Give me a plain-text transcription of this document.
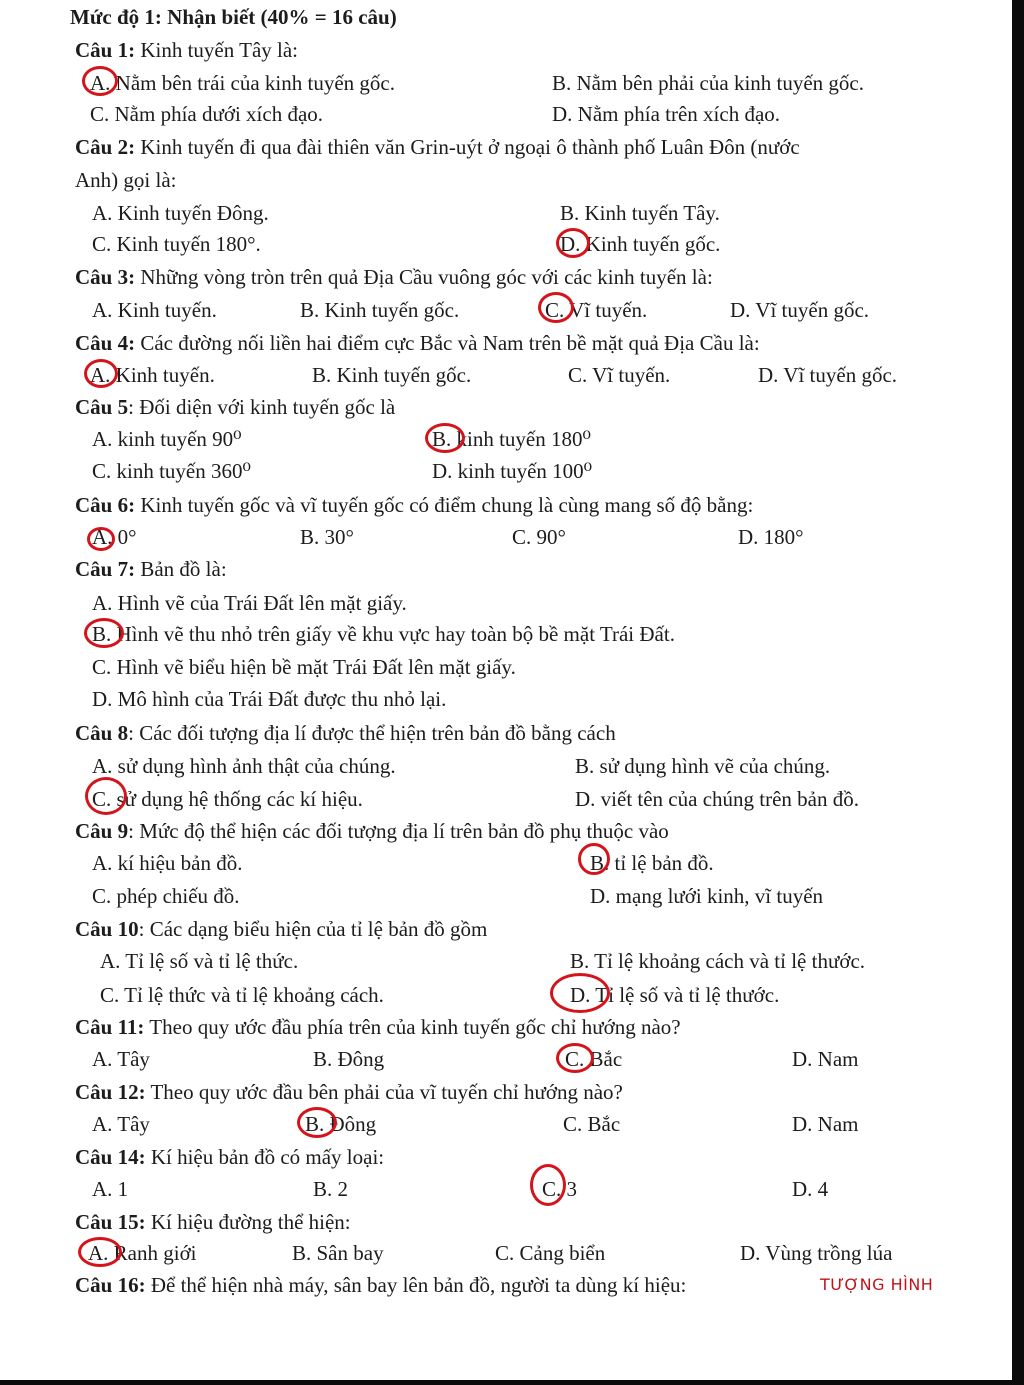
Mức độ 1: Nhận biết (40% = 16 câu)
Câu 1: Kinh tuyến Tây là:
A. Nằm bên trái của kinh tuyến gốc.	B. Nằm bên phải của kinh tuyến gốc.
C. Nằm phía dưới xích đạo.	D. Nằm phía trên xích đạo.
Câu 2: Kinh tuyến đi qua đài thiên văn Grin-uýt ở ngoại ô thành phố Luân Đôn (nước
Anh) gọi là:
A. Kinh tuyến Đông.	B. Kinh tuyến Tây.
C. Kinh tuyến 180°.	D. Kinh tuyến gốc.
Câu 3: Những vòng tròn trên quả Địa Cầu vuông góc với các kinh tuyến là:
A. Kinh tuyến.	B. Kinh tuyến gốc.	C. Vĩ tuyến.	D. Vĩ tuyến gốc.
Câu 4: Các đường nối liền hai điểm cực Bắc và Nam trên bề mặt quả Địa Cầu là:
A. Kinh tuyến.	B. Kinh tuyến gốc.	C. Vĩ tuyến.	D. Vĩ tuyến gốc.
Câu 5: Đối diện với kinh tuyến gốc là
A. kinh tuyến 90⁰	B. kinh tuyến 180⁰
C. kinh tuyến 360⁰	D. kinh tuyến 100⁰
Câu 6: Kinh tuyến gốc và vĩ tuyến gốc có điểm chung là cùng mang số độ bằng:
A. 0°	B. 30°	C. 90°	D. 180°
Câu 7: Bản đồ là:
A. Hình vẽ của Trái Đất lên mặt giấy.
B. Hình vẽ thu nhỏ trên giấy về khu vực hay toàn bộ bề mặt Trái Đất.
C. Hình vẽ biểu hiện bề mặt Trái Đất lên mặt giấy.
D. Mô hình của Trái Đất được thu nhỏ lại.
Câu 8: Các đối tượng địa lí được thể hiện trên bản đồ bằng cách
A. sử dụng hình ảnh thật của chúng.	B. sử dụng hình vẽ của chúng.
C. sử dụng hệ thống các kí hiệu.	D. viết tên của chúng trên bản đồ.
Câu 9: Mức độ thể hiện các đối tượng địa lí trên bản đồ phụ thuộc vào
A. kí hiệu bản đồ.	B. tỉ lệ bản đồ.
C. phép chiếu đồ.	D. mạng lưới kinh, vĩ tuyến
Câu 10: Các dạng biểu hiện của tỉ lệ bản đồ gồm
A. Tỉ lệ số và tỉ lệ thức.	B. Tỉ lệ khoảng cách và tỉ lệ thước.
C. Tỉ lệ thức và tỉ lệ khoảng cách.	D. Tỉ lệ số và tỉ lệ thước.
Câu 11: Theo quy ước đầu phía trên của kinh tuyến gốc chỉ hướng nào?
A. Tây	B. Đông	C. Bắc	D. Nam
Câu 12: Theo quy ước đầu bên phải của vĩ tuyến chỉ hướng nào?
A. Tây	B. Đông	C. Bắc	D. Nam
Câu 14: Kí hiệu bản đồ có mấy loại:
A. 1	B. 2	C. 3	D. 4
Câu 15: Kí hiệu đường thể hiện:
A. Ranh giới	B. Sân bay	C. Cảng biển	D. Vùng trồng lúa
Câu 16: Để thể hiện nhà máy, sân bay lên bản đồ, người ta dùng kí hiệu:	TƯỢNG HÌNH
